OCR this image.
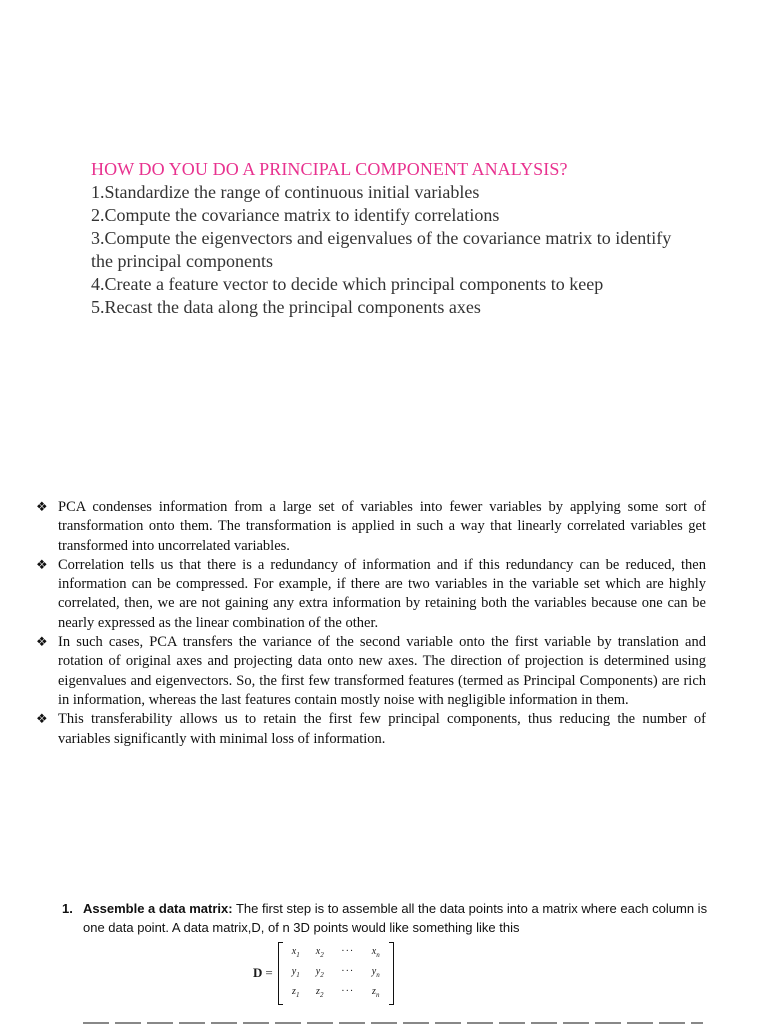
HOW DO YOU DO A PRINCIPAL COMPONENT ANALYSIS?
1.Standardize the range of continuous initial variables
2.Compute the covariance matrix to identify correlations
3.Compute the eigenvectors and eigenvalues of the covariance matrix to identify the principal components
4.Create a feature vector to decide which principal components to keep
5.Recast the data along the principal components axes
❖ PCA condenses information from a large set of variables into fewer variables by applying some sort of transformation onto them. The transformation is applied in such a way that linearly correlated variables get transformed into uncorrelated variables.
❖ Correlation tells us that there is a redundancy of information and if this redundancy can be reduced, then information can be compressed. For example, if there are two variables in the variable set which are highly correlated, then, we are not gaining any extra information by retaining both the variables because one can be nearly expressed as the linear combination of the other.
❖ In such cases, PCA transfers the variance of the second variable onto the first variable by translation and rotation of original axes and projecting data onto new axes. The direction of projection is determined using eigenvalues and eigenvectors. So, the first few transformed features (termed as Principal Components) are rich in information, whereas the last features contain mostly noise with negligible information in them.
❖ This transferability allows us to retain the first few principal components, thus reducing the number of variables significantly with minimal loss of information.
1. Assemble a data matrix: The first step is to assemble all the data points into a matrix where each column is one data point. A data matrix,D, of n 3D points would like something like this
D =
$x_1$	$x_2$	···	$x_n$
$y_1$	$y_2$	···	$y_n$
$z_1$	$z_2$	···	$z_n$
